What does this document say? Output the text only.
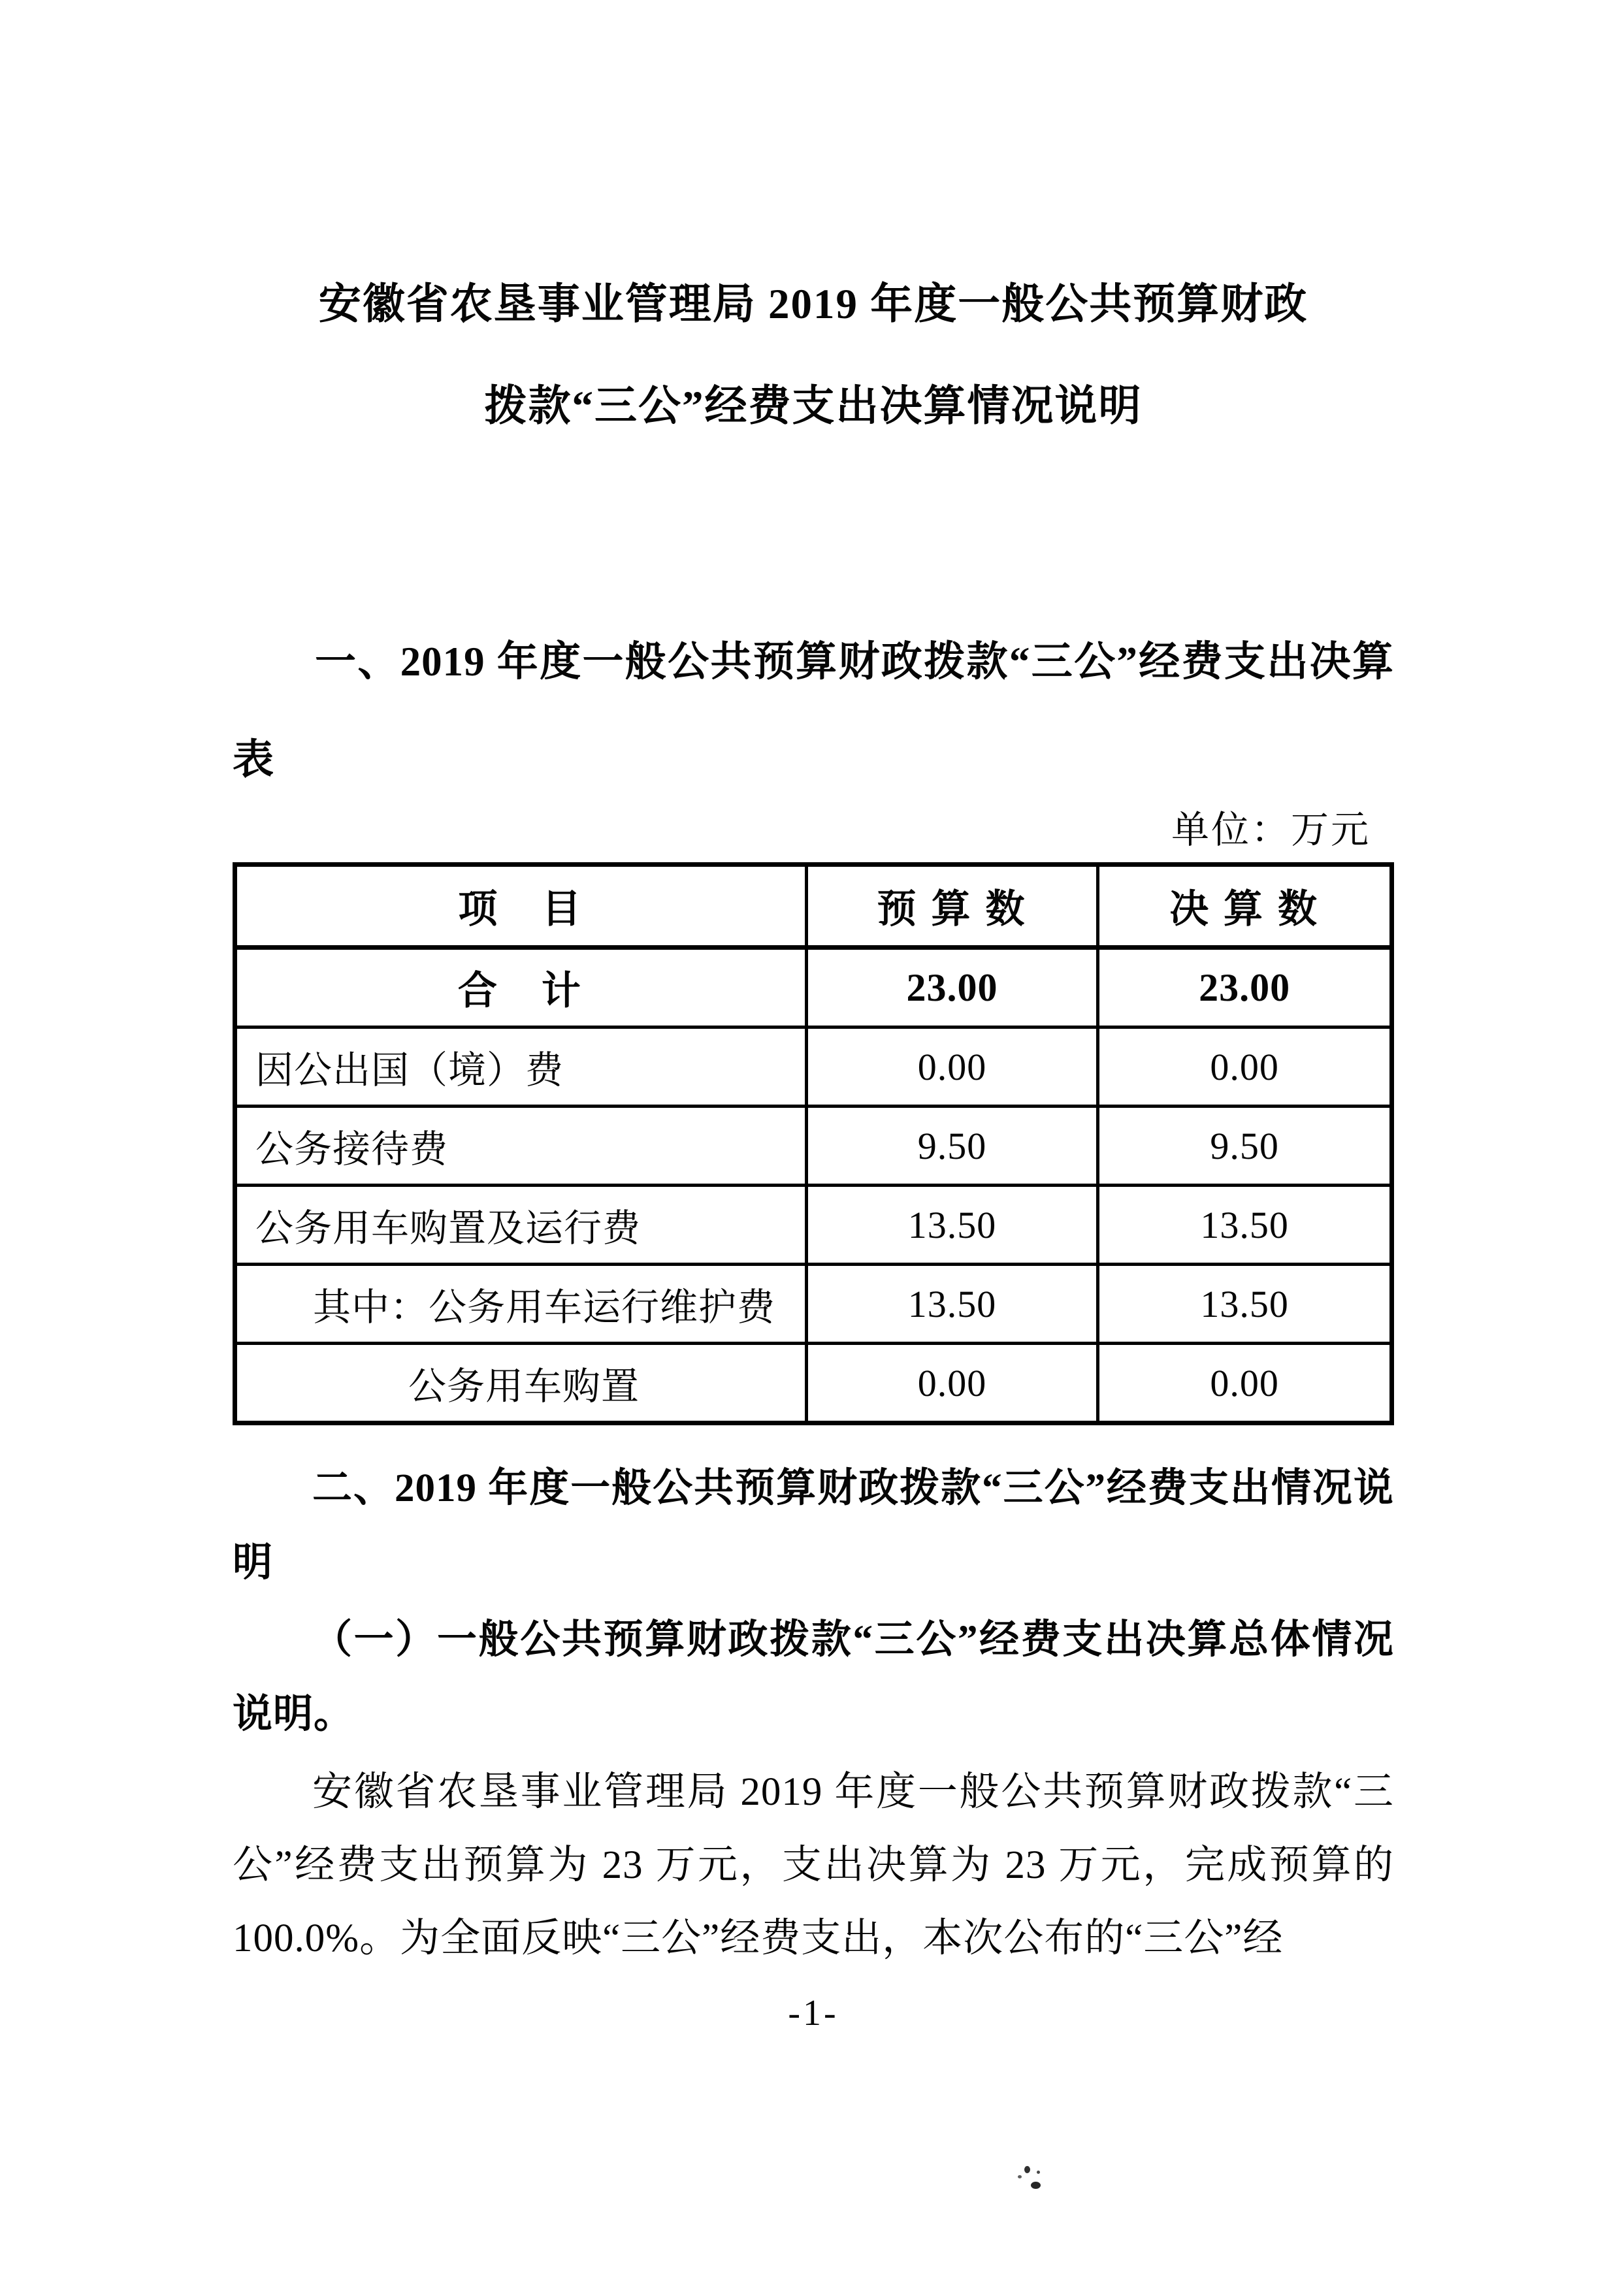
安徽省农垦事业管理局 2019 年度一般公共预算财政
拨款“三公”经费支出决算情况说明

一、2019 年度一般公共预算财政拨款“三公”经费支出决算表

单位：万元
项　目	预 算 数	决 算 数
合　计	23.00	23.00
因公出国（境）费	0.00	0.00
公务接待费	9.50	9.50
公务用车购置及运行费	13.50	13.50
其中：公务用车运行维护费	13.50	13.50
公务用车购置	0.00	0.00

二、2019 年度一般公共预算财政拨款“三公”经费支出情况说明

（一）一般公共预算财政拨款“三公”经费支出决算总体情况说明。

安徽省农垦事业管理局 2019 年度一般公共预算财政拨款“三公”经费支出预算为 23 万元，支出决算为 23 万元，完成预算的 100.0%。为全面反映“三公”经费支出，本次公布的“三公”经

-1-
